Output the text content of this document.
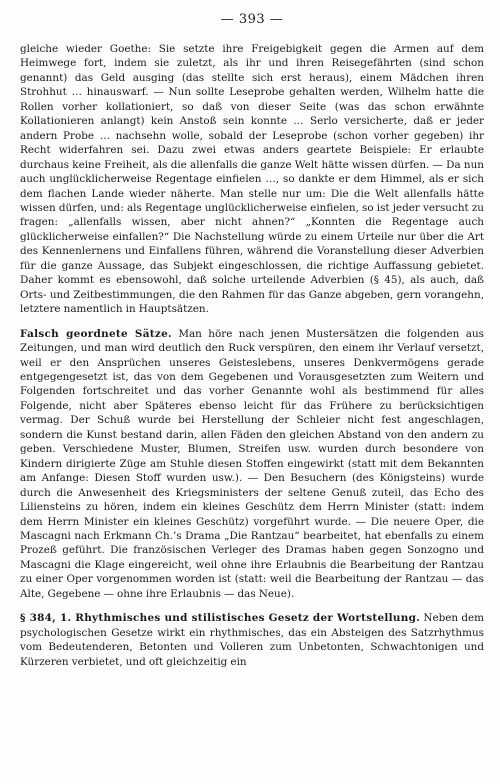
— 393 —

gleiche wieder Goethe: Sie setzte ihre Freigebigkeit gegen die Armen auf dem Heimwege fort, indem sie zuletzt, als ihr und ihren Reisegefährten (sind schon genannt) das Geld ausging (das stellte sich erst heraus), einem Mädchen ihren Strohhut … hinauswarf. — Nun sollte Leseprobe gehalten werden, Wilhelm hatte die Rollen vorher kollationiert, so daß von dieser Seite (was das schon erwähnte Kollationieren anlangt) kein Anstoß sein konnte … Serlo versicherte, daß er jeder andern Probe … nachsehn wolle, sobald der Leseprobe (schon vorher gegeben) ihr Recht widerfahren sei. Dazu zwei etwas anders geartete Beispiele: Er erlaubte durchaus keine Freiheit, als die allenfalls die ganze Welt hätte wissen dürfen. — Da nun auch unglücklicherweise Regentage einfielen …, so dankte er dem Himmel, als er sich dem flachen Lande wieder näherte. Man stelle nur um: Die die Welt allenfalls hätte wissen dürfen, und: als Regentage unglücklicherweise einfielen, so ist jeder versucht zu fragen: „allenfalls wissen, aber nicht ahnen?“ „Konnten die Regentage auch glücklicherweise einfallen?“ Die Nachstellung würde zu einem Urteile nur über die Art des Kennenlernens und Einfallens führen, während die Voranstellung dieser Adverbien für die ganze Aussage, das Subjekt eingeschlossen, die richtige Auffassung gebietet. Daher kommt es ebensowohl, daß solche urteilende Adverbien (§ 45), als auch, daß Orts- und Zeitbestimmungen, die den Rahmen für das Ganze abgeben, gern vorangehn, letztere namentlich in Hauptsätzen.

Falsch geordnete Sätze. Man höre nach jenen Mustersätzen die folgenden aus Zeitungen, und man wird deutlich den Ruck verspüren, den einem ihr Verlauf versetzt, weil er den Ansprüchen unseres Geisteslebens, unseres Denkvermögens gerade entgegengesetzt ist, das von dem Gegebenen und Vorausgesetzten zum Weitern und Folgenden fortschreitet und das vorher Genannte wohl als bestimmend für alles Folgende, nicht aber Späteres ebenso leicht für das Frühere zu berücksichtigen vermag. Der Schuß wurde bei Herstellung der Schleier nicht fest angeschlagen, sondern die Kunst bestand darin, allen Fäden den gleichen Abstand von den andern zu geben. Verschiedene Muster, Blumen, Streifen usw. wurden durch besondere von Kindern dirigierte Züge am Stuhle diesen Stoffen eingewirkt (statt mit dem Bekannten am Anfange: Diesen Stoff wurden usw.). — Den Besuchern (des Königsteins) wurde durch die Anwesenheit des Kriegsministers der seltene Genuß zuteil, das Echo des Liliensteins zu hören, indem ein kleines Geschütz dem Herrn Minister (statt: indem dem Herrn Minister ein kleines Geschütz) vorgeführt wurde. — Die neuere Oper, die Mascagni nach Erkmann Ch.’s Drama „Die Rantzau“ bearbeitet, hat ebenfalls zu einem Prozeß geführt. Die französischen Verleger des Dramas haben gegen Sonzogno und Mascagni die Klage eingereicht, weil ohne ihre Erlaubnis die Bearbeitung der Rantzau zu einer Oper vorgenommen worden ist (statt: weil die Bearbeitung der Rantzau — das Alte, Gegebene — ohne ihre Erlaubnis — das Neue).

§ 384, 1. Rhythmisches und stilistisches Gesetz der Wortstellung. Neben dem psychologischen Gesetze wirkt ein rhythmisches, das ein Absteigen des Satzrhythmus vom Bedeutenderen, Betonten und Volleren zum Unbetonten, Schwachtonigen und Kürzeren verbietet, und oft gleichzeitig ein
